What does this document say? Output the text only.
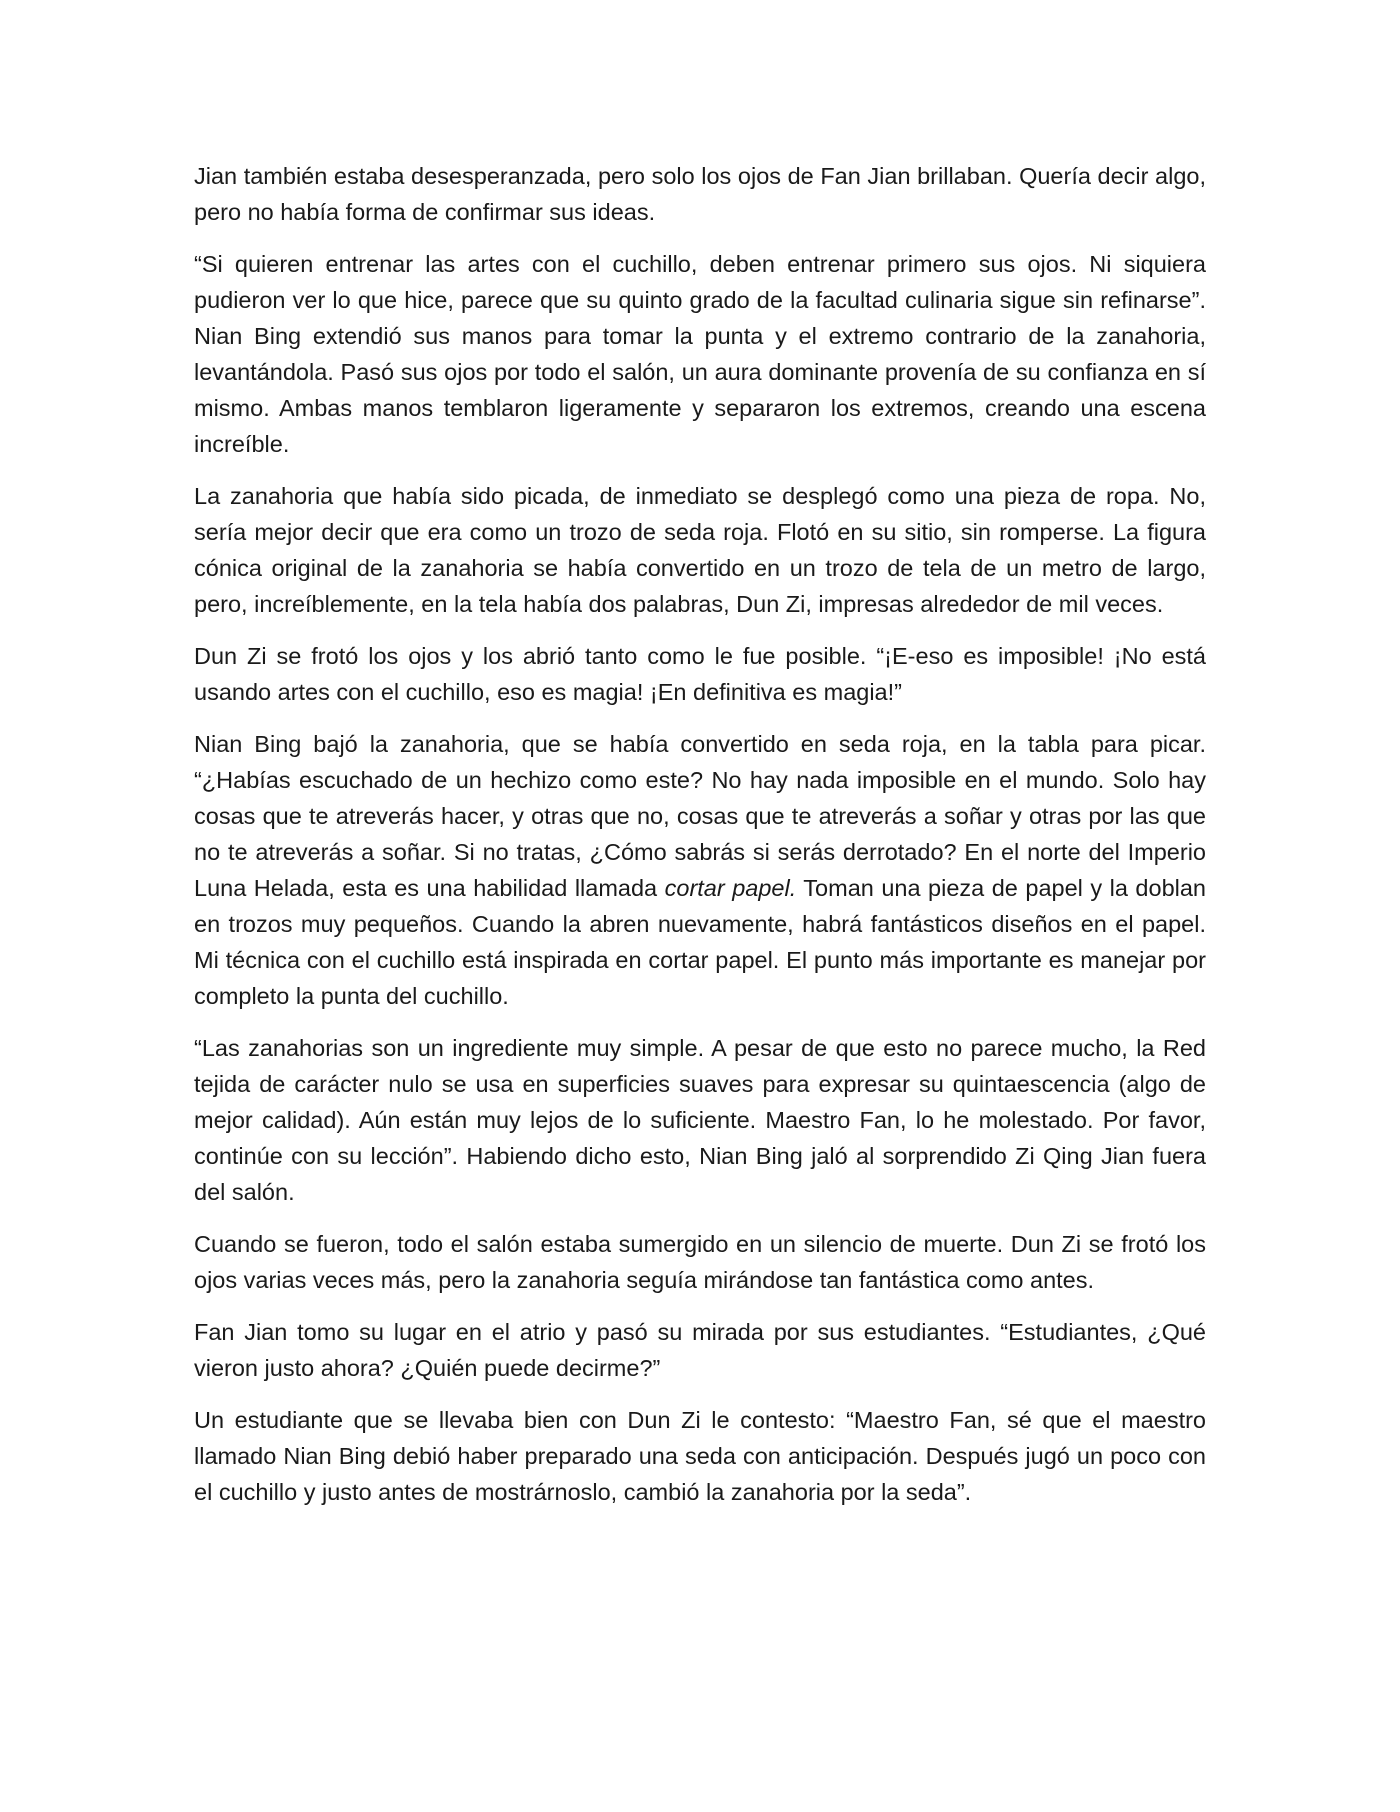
Jian también estaba desesperanzada, pero solo los ojos de Fan Jian brillaban. Quería decir algo, pero no había forma de confirmar sus ideas.

“Si quieren entrenar las artes con el cuchillo, deben entrenar primero sus ojos. Ni siquiera pudieron ver lo que hice, parece que su quinto grado de la facultad culinaria sigue sin refinarse”. Nian Bing extendió sus manos para tomar la punta y el extremo contrario de la zanahoria, levantándola. Pasó sus ojos por todo el salón, un aura dominante provenía de su confianza en sí mismo. Ambas manos temblaron ligeramente y separaron los extremos, creando una escena increíble.

La zanahoria que había sido picada, de inmediato se desplegó como una pieza de ropa. No, sería mejor decir que era como un trozo de seda roja. Flotó en su sitio, sin romperse. La figura cónica original de la zanahoria se había convertido en un trozo de tela de un metro de largo, pero, increíblemente, en la tela había dos palabras, Dun Zi, impresas alrededor de mil veces.

Dun Zi se frotó los ojos y los abrió tanto como le fue posible. “¡E-eso es imposible! ¡No está usando artes con el cuchillo, eso es magia! ¡En definitiva es magia!”

Nian Bing bajó la zanahoria, que se había convertido en seda roja, en la tabla para picar. “¿Habías escuchado de un hechizo como este? No hay nada imposible en el mundo. Solo hay cosas que te atreverás hacer, y otras que no, cosas que te atreverás a soñar y otras por las que no te atreverás a soñar. Si no tratas, ¿Cómo sabrás si serás derrotado? En el norte del Imperio Luna Helada, esta es una habilidad llamada cortar papel. Toman una pieza de papel y la doblan en trozos muy pequeños. Cuando la abren nuevamente, habrá fantásticos diseños en el papel. Mi técnica con el cuchillo está inspirada en cortar papel. El punto más importante es manejar por completo la punta del cuchillo.

“Las zanahorias son un ingrediente muy simple. A pesar de que esto no parece mucho, la Red tejida de carácter nulo se usa en superficies suaves para expresar su quintaescencia (algo de mejor calidad). Aún están muy lejos de lo suficiente. Maestro Fan, lo he molestado. Por favor, continúe con su lección”. Habiendo dicho esto, Nian Bing jaló al sorprendido Zi Qing Jian fuera del salón.

Cuando se fueron, todo el salón estaba sumergido en un silencio de muerte. Dun Zi se frotó los ojos varias veces más, pero la zanahoria seguía mirándose tan fantástica como antes.

Fan Jian tomo su lugar en el atrio y pasó su mirada por sus estudiantes. “Estudiantes, ¿Qué vieron justo ahora? ¿Quién puede decirme?”

Un estudiante que se llevaba bien con Dun Zi le contesto: “Maestro Fan, sé que el maestro llamado Nian Bing debió haber preparado una seda con anticipación. Después jugó un poco con el cuchillo y justo antes de mostrárnoslo, cambió la zanahoria por la seda”.
